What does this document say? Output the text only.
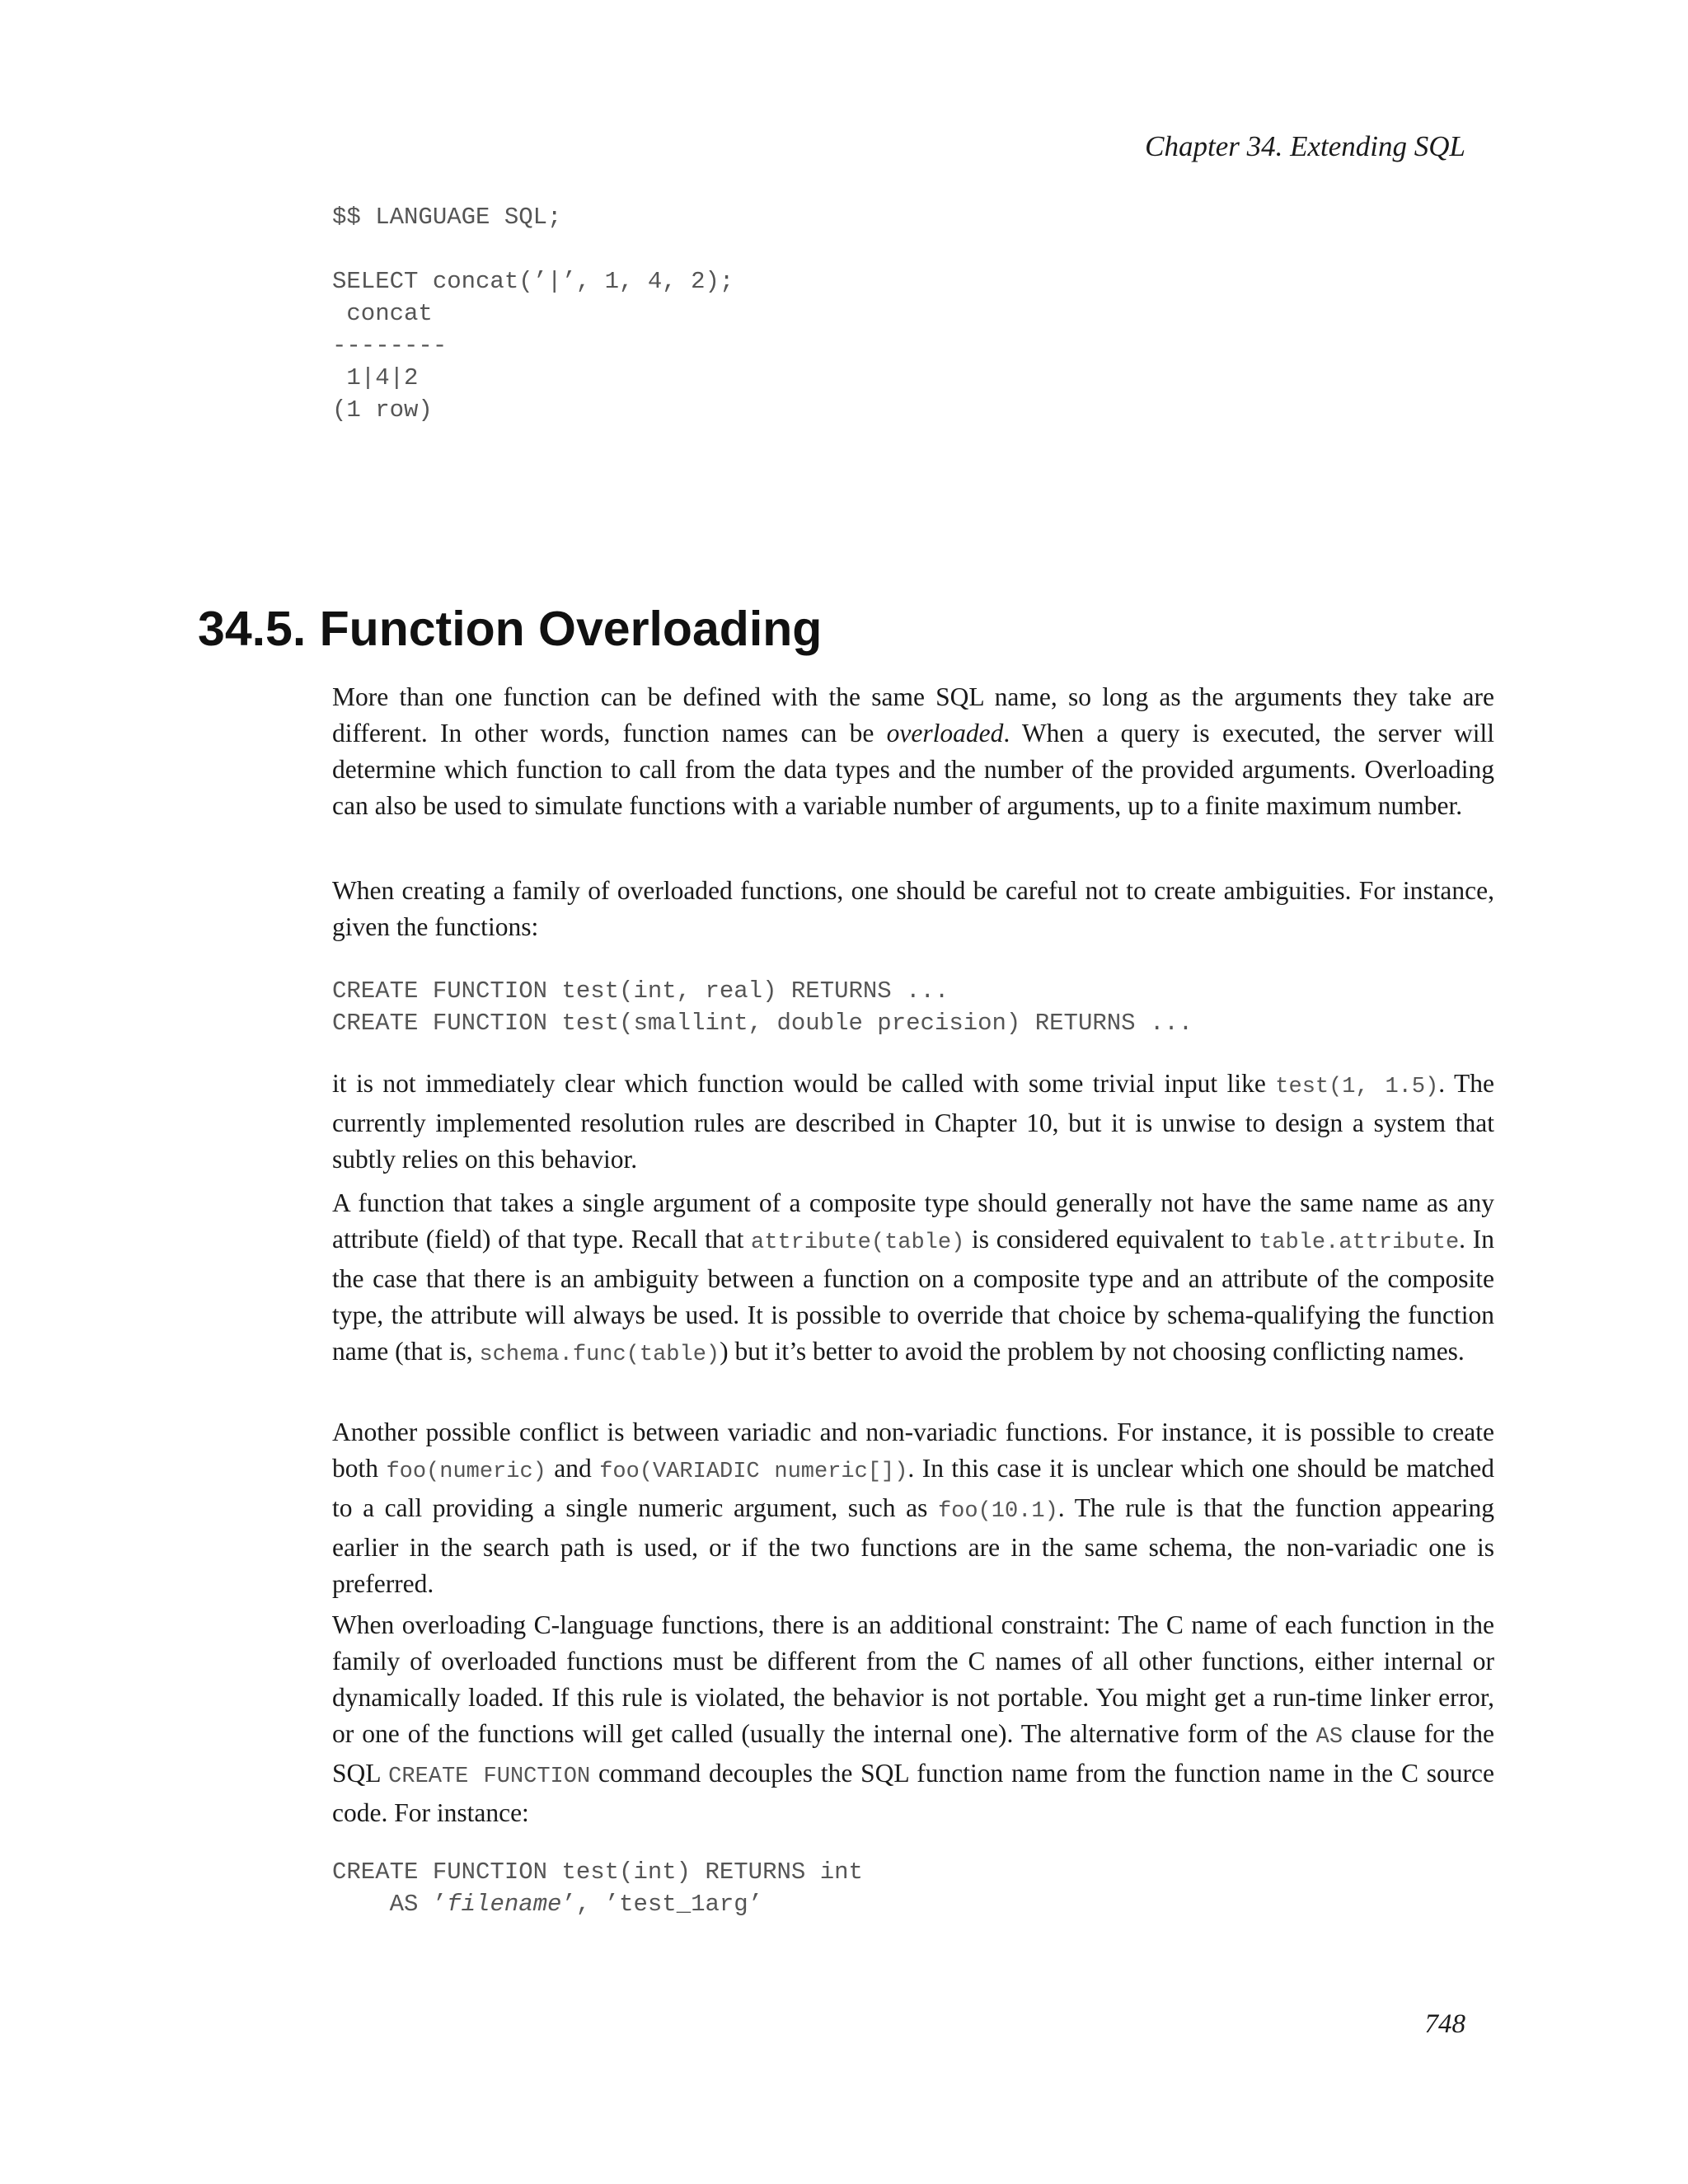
Chapter 34. Extending SQL

$$ LANGUAGE SQL;
SELECT concat(’|’, 1, 4, 2);
concat
--------
1|4|2
(1 row)
34.5. Function Overloading

More than one function can be defined with the same SQL name, so long as the arguments they take are different. In other words, function names can be overloaded. When a query is executed, the server will determine which function to call from the data types and the number of the provided arguments. Overloading can also be used to simulate functions with a variable number of arguments, up to a finite maximum number.

When creating a family of overloaded functions, one should be careful not to create ambiguities. For instance, given the functions:

CREATE FUNCTION test(int, real) RETURNS ...
CREATE FUNCTION test(smallint, double precision) RETURNS ...

it is not immediately clear which function would be called with some trivial input like test(1, 1.5). The currently implemented resolution rules are described in Chapter 10, but it is unwise to design a system that subtly relies on this behavior.

A function that takes a single argument of a composite type should generally not have the same name as any attribute (field) of that type. Recall that attribute(table) is considered equivalent to table.attribute. In the case that there is an ambiguity between a function on a composite type and an attribute of the composite type, the attribute will always be used. It is possible to override that choice by schema-qualifying the function name (that is, schema.func(table)) but it’s better to avoid the problem by not choosing conflicting names.

Another possible conflict is between variadic and non-variadic functions. For instance, it is possible to create both foo(numeric) and foo(VARIADIC numeric[]). In this case it is unclear which one should be matched to a call providing a single numeric argument, such as foo(10.1). The rule is that the function appearing earlier in the search path is used, or if the two functions are in the same schema, the non-variadic one is preferred.

When overloading C-language functions, there is an additional constraint: The C name of each function in the family of overloaded functions must be different from the C names of all other functions, either internal or dynamically loaded. If this rule is violated, the behavior is not portable. You might get a run-time linker error, or one of the functions will get called (usually the internal one). The alternative form of the AS clause for the SQL CREATE FUNCTION command decouples the SQL function name from the function name in the C source code. For instance:

CREATE FUNCTION test(int) RETURNS int
AS ’filename’, ’test_1arg’

748
